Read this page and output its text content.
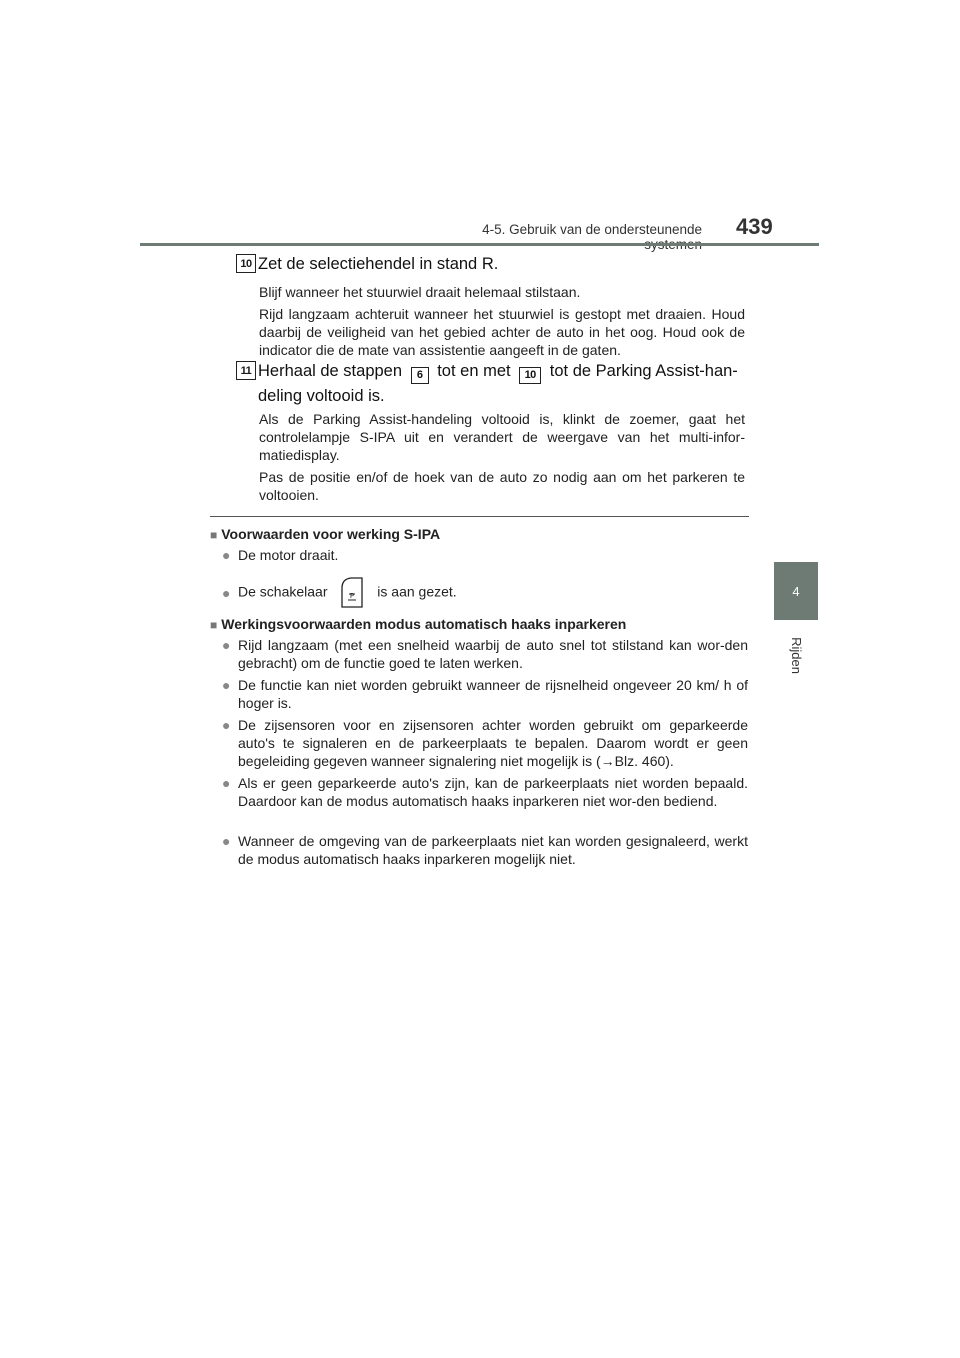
4-5. Gebruik van de ondersteunende 439
4
Rijden
10 Zet de selectiehendel in stand R.
Blijf wanneer het stuurwiel draait helemaal stilstaan.
Rijd langzaam achteruit wanneer het stuurwiel is gestopt met draaien. Houd daarbij de veiligheid van het gebied achter de auto in het oog. Houd ook de indicator die de mate van assistentie aangeeft in de gaten.
11 Herhaal de stappen 6 tot en met 10 tot de Parking Assist-han-
deling voltooid is.
Als de Parking Assist-handeling voltooid is, klinkt de zoemer, gaat het controlelampje S-IPA uit en verandert de weergave van het multi-infor-matiedisplay.
Pas de positie en/of de hoek van de auto zo nodig aan om het parkeren te voltooien.
■ Voorwaarden voor werking S-IPA
● De motor draait.
● De schakelaar	P is aan gezet.
■ Werkingsvoorwaarden modus automatisch haaks inparkeren
● Rijd langzaam (met een snelheid waarbij de auto snel tot stilstand kan wor-den gebracht) om de functie goed te laten werken.
● De functie kan niet worden gebruikt wanneer de rijsnelheid ongeveer 20 km/ h of hoger is.
● De zijsensoren voor en zijsensoren achter worden gebruikt om geparkeerde auto's te signaleren en de parkeerplaats te bepalen. Daarom wordt er geen begeleiding gegeven wanneer signalering niet mogelijk is (→Blz. 460).
● Als er geen geparkeerde auto's zijn, kan de parkeerplaats niet worden bepaald. Daardoor kan de modus automatisch haaks inparkeren niet wor-den bediend.
● Wanneer de omgeving van de parkeerplaats niet kan worden gesignaleerd, werkt de modus automatisch haaks inparkeren mogelijk niet.
